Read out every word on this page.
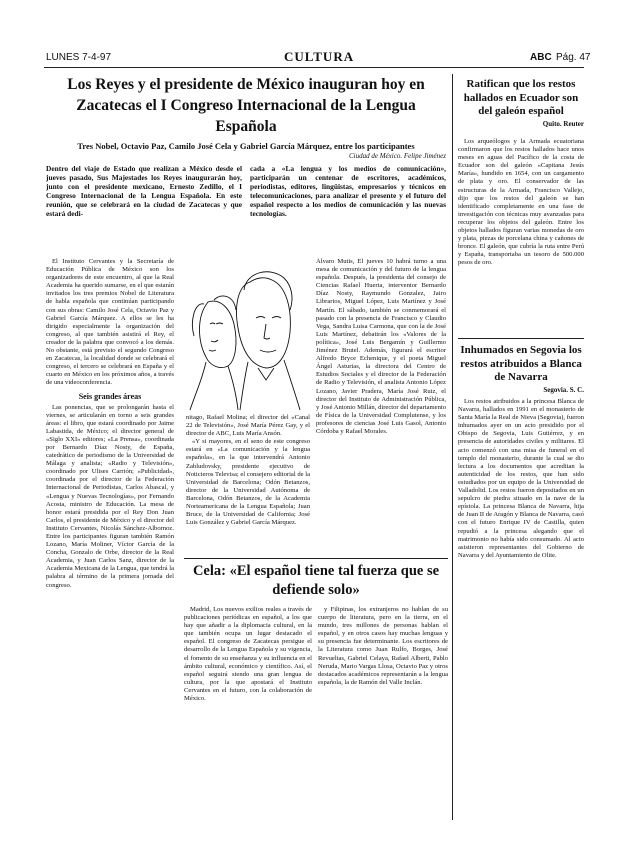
LUNES 7-4-97	CULTURA	ABC Pág. 47

Los Reyes y el presidente de México inauguran hoy en Zacatecas el I Congreso Internacional de la Lengua Española

Tres Nobel, Octavio Paz, Camilo José Cela y Gabriel García Márquez, entre los participantes

Ciudad de México. Felipe Jiménez

Dentro del viaje de Estado que realizan a México desde el jueves pasado, Sus Majestades los Reyes inaugurarán hoy, junto con el presidente mexicano, Ernesto Zedillo, el I Congreso Internacional de la Lengua Española. En este reunión, que se celebrará en la ciudad de Zacatecas y que estará dedi-

cada a «La lengua y los medios de comunicación», participarán un centenar de escritores, académicos, periodistas, editores, lingüistas, empresarios y técnicos en telecomunicaciones, para analizar el presente y el futuro del español respecto a los medios de comunicación y las nuevas tecnologías.

El Instituto Cervantes y la Secretaría de Educación Pública de México son los organizadores de este encuentro, al que la Real Academia ha querido sumarse, en el que estarán invitados los tres premios Nobel de Literatura de habla española que continúan participando con sus obras: Camilo José Cela, Octavio Paz y Gabriel García Márquez. A ellos se les ha dirigido especialmente la organización del congreso, al que también asistirá el Rey, el creador de la palabra que convocó a los demás. No obstante, está previsto el segundo Congreso en Zacatecas, la localidad donde se celebrará el congreso, el tercero se celebrará en España y el cuarto en México en los próximos años, a través de una videoconferencia.

Seis grandes áreas

Las ponencias, que se prolongarán hasta el viernes, se articularán en torno a seis grandes áreas: el libro, que estará coordinado por Jaime Labastida, de México; el director general de «Siglo XXI» editores; «La Prensa», coordinada por Bernardo Díaz Nosty, de España, catedrático de periodismo de la Universidad de Málaga y analista; «Radio y Televisión», coordinado por Ulises Carrión; «Publicidad», coordinada por el director de la Federación Internacional de Periodistas, Carlos Abascal, y «Lengua y Nuevas Tecnologías», por Fernando Acosta, ministro de Educación. La mesa de honor estará presidida por el Rey Don Juan Carlos, el presidente de México y el director del Instituto Cervantes, Nicolás Sánchez-Albornoz. Entre los participantes figuran también Ramón Lozano, María Moliner, Víctor García de la Concha, Gonzalo de Orbe, director de la Real Academia, y Juan Carlos Sanz, director de la Academia Mexicana de la Lengua, que tendrá la palabra al término de la primera jornada del congreso.

nitago, Rafael Molina; el director del «Canal 22 de Televisión», José María Pérez Gay, y el director de ABC, Luis María Ansón.

«Y si mayores, en el seno de este congreso estará en «La comunicación y la lengua española», en la que intervendrá Antonio Zabludovsky, presidente ejecutivo de Noticieros Televisa; el consejero editorial de la Universidad de Barcelona; Odón Betanzos, director de la Universidad Autónoma de Barcelona, Odón Betanzos, de la Academia Norteamericana de la Lengua Española; Juan Bruce, de la Universidad de California; José Luis González y Gabriel García Márquez.

Álvaro Mutis, El jueves 10 habrá turno a una mesa de comunicación y del futuro de la lengua española. Después, la presidenta del consejo de Ciencias Rafael Huerta, interventor Bernardo Díaz Nosty, Raymundo Gonzalez, Jairo Librarios, Miguel López, Luis Martínez y José Martín. El sábado, también se conmemorará el pasado con la presencia de Francisco y Claudio Vega, Sandra Luisa Carmona, que con la de José Luis Martínez, debatirán los «Valores de la política», José Luis Bergamín y Guillermo Jiménez Brutel. Además, figurará el escritor Alfredo Bryce Echenique, y el poeta Miguel Ángel Asturias, la directora del Centro de Estudios Sociales y el director de la Federación de Radio y Televisión, el analista Antonio López Lozano, Javier Pradera, María José Ruiz, el director del Instituto de Administración Pública, y José Antonio Millán, director del departamento de Física de la Universidad Complutense, y los profesores de ciencias José Luis Gasol, Antonio Córdoba y Rafael Morales.

Cela: «El español tiene tal fuerza que se defiende solo»

Madrid, Los nuevos exilios reales a través de publicaciones periódicas en español, a los que hay que añadir a la diplomacia cultural, en la que también ocupa un lugar destacado el español. El congreso de Zacatecas persigue el desarrollo de la Lengua Española y su vigencia, el fomento de su enseñanza y su influencia en el ámbito cultural, económico y científico. Así, el español seguirá siendo una gran lengua de cultura, por la que apostará el Instituto Cervantes en el futuro, con la colaboración de México.

y Filipinas, los extranjeros no hablan de su cuerpo de literatura, pero en la tierra, en el mundo, tres millones de personas hablan el español, y en otros casos hay muchas lenguas y su presencia fue determinante. Los escritores de la Literatura como Juan Rulfo, Borges, José Revueltas, Gabriel Celaya, Rafael Alberti, Pablo Neruda, Mario Vargas Llosa, Octavio Paz y otros destacados académicos representarán a la lengua española, la de Ramón del Valle Inclán.

Ratifican que los restos hallados en Ecuador son del galeón español

Quito. Reuter

Los arqueólogos y la Armada ecuatoriana confirmaron que los restos hallados hace unos meses en aguas del Pacífico de la costa de Ecuador son del galeón «Capitana Jesús María», hundido en 1654, con un cargamento de plata y oro. El conservador de las estructuras de la Armada, Francisco Vallejo, dijo que los restos del galeón se han identificado completamente en una fase de investigación con técnicas muy avanzadas para recuperar los objetos del galeón. Entre los objetos hallados figuran varias monedas de oro y plata, piezas de porcelana china y cañones de bronce. El galeón, que cubría la ruta entre Perú y España, transportaba un tesoro de 500.000 pesos de oro.

Inhumados en Segovia los restos atribuidos a Blanca de Navarra

Segovia. S. C.

Los restos atribuidos a la princesa Blanca de Navarra, hallados en 1991 en el monasterio de Santa María la Real de Nieva (Segovia), fueron inhumados ayer en un acto presidido por el Obispo de Segovia, Luis Gutiérrez, y en presencia de autoridades civiles y militares. El acto comenzó con una misa de funeral en el templo del monasterio, durante la cual se dio lectura a los documentos que acreditan la autenticidad de los restos, que han sido estudiados por un equipo de la Universidad de Valladolid. Los restos fueron depositados en un sepulcro de piedra situado en la nave de la epístola. La princesa Blanca de Navarra, hija de Juan II de Aragón y Blanca de Navarra, casó con el futuro Enrique IV de Castilla, quien repudió a la princesa alegando que el matrimonio no había sido consumado. Al acto asistieron representantes del Gobierno de Navarra y del Ayuntamiento de Olite.
